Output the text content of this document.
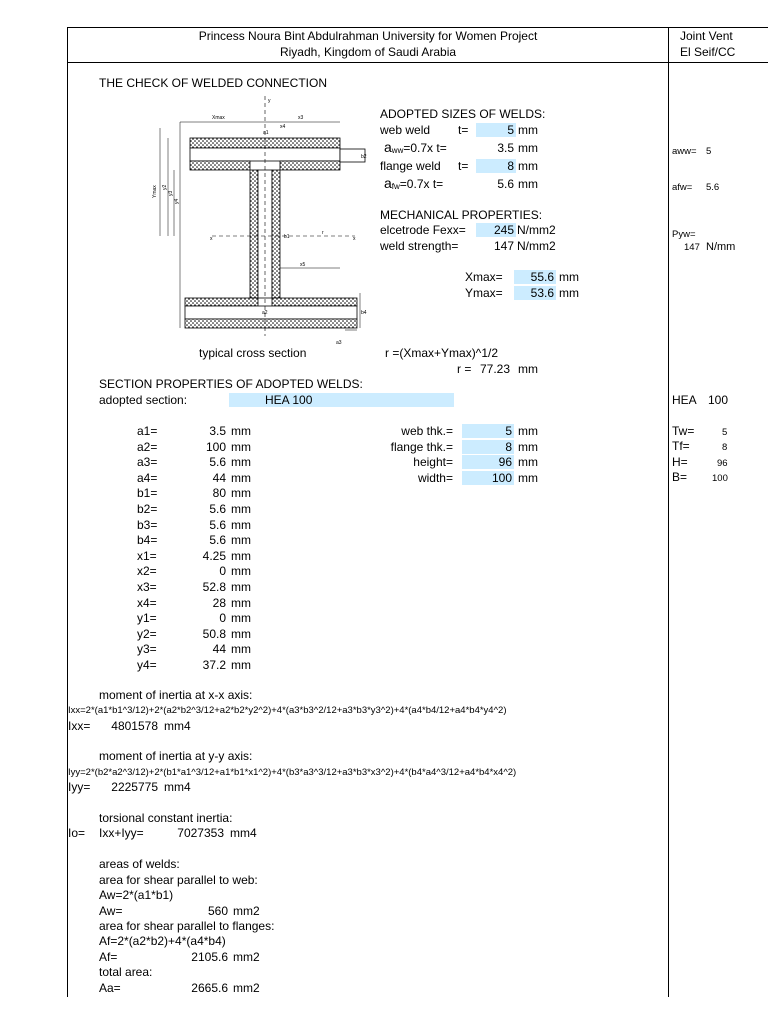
Princess Noura Bint Abdulrahman University for Women Project
Riyadh, Kingdom of Saudi Arabia
Joint Vent
El Seif/CC
THE CHECK OF WELDED CONNECTION
Xmax	x3
x4
a1
b1
x5
b2
b4
a3
a2
Ymax y2
y3
y4
x	x
y
r
typical cross section
ADOPTED SIZES OF WELDS:
web weld t=	5 mm
$a_{ww}=0.7x$ t=	3.5 mm
flange weld t=	8 mm
$a_{fw}=0.7x$ t=	5.6 mm
MECHANICAL PROPERTIES:
elcetrode Fexx=	245 N/mm2
weld strength=	147 N/mm2
Xmax=	55.6 mm
Ymax=	53.6 mm
r =(Xmax+Ymax)^1/2
r = 77.23 mm
SECTION PROPERTIES OF ADOPTED WELDS:
adopted section:	HEA 100
a1=	3.5 mm
a2=	100 mm
a3=	5.6 mm
a4=	44 mm
b1=	80 mm
b2=	5.6 mm
b3=	5.6 mm
b4=	5.6 mm
x1=	4.25 mm
x2=	0 mm
x3=	52.8 mm
x4=	28 mm
y1=	0 mm
y2=	50.8 mm
y3=	44 mm
y4=	37.2 mm
web thk.=	5 mm
flange thk.=	8 mm
height=	96 mm
width=	100 mm
moment of inertia at x-x axis:
Ixx=2*(a1*b1^3/12)+2*(a2*b2^3/12+a2*b2*y2^2)+4*(a3*b3^2/12+a3*b3*y3^2)+4*(a4*b4/12+a4*b4*y4^2)
Ixx=	4801578 mm4
moment of inertia at y-y axis:
Iyy=2*(b2*a2^3/12)+2*(b1*a1^3/12+a1*b1*x1^2)+4*(b3*a3^3/12+a3*b3*x3^2)+4*(b4*a4^3/12+a4*b4*x4^2)
Iyy=	2225775 mm4
torsional constant inertia:
Io= Ixx+Iyy=	7027353 mm4
areas of welds:
area for shear parallel to web:
Aw=2*(a1*b1)
Aw=	560 mm2
area for shear parallel to flanges:
Af=2*(a2*b2)+4*(a4*b4)
Af=	2105.6 mm2
total area:
Aa=	2665.6 mm2
aww= 5
afw= 5.6
Pyw=
147 N/mm
HEA 100
Tw=	5
Tf=	8
H=	96
B=	100
